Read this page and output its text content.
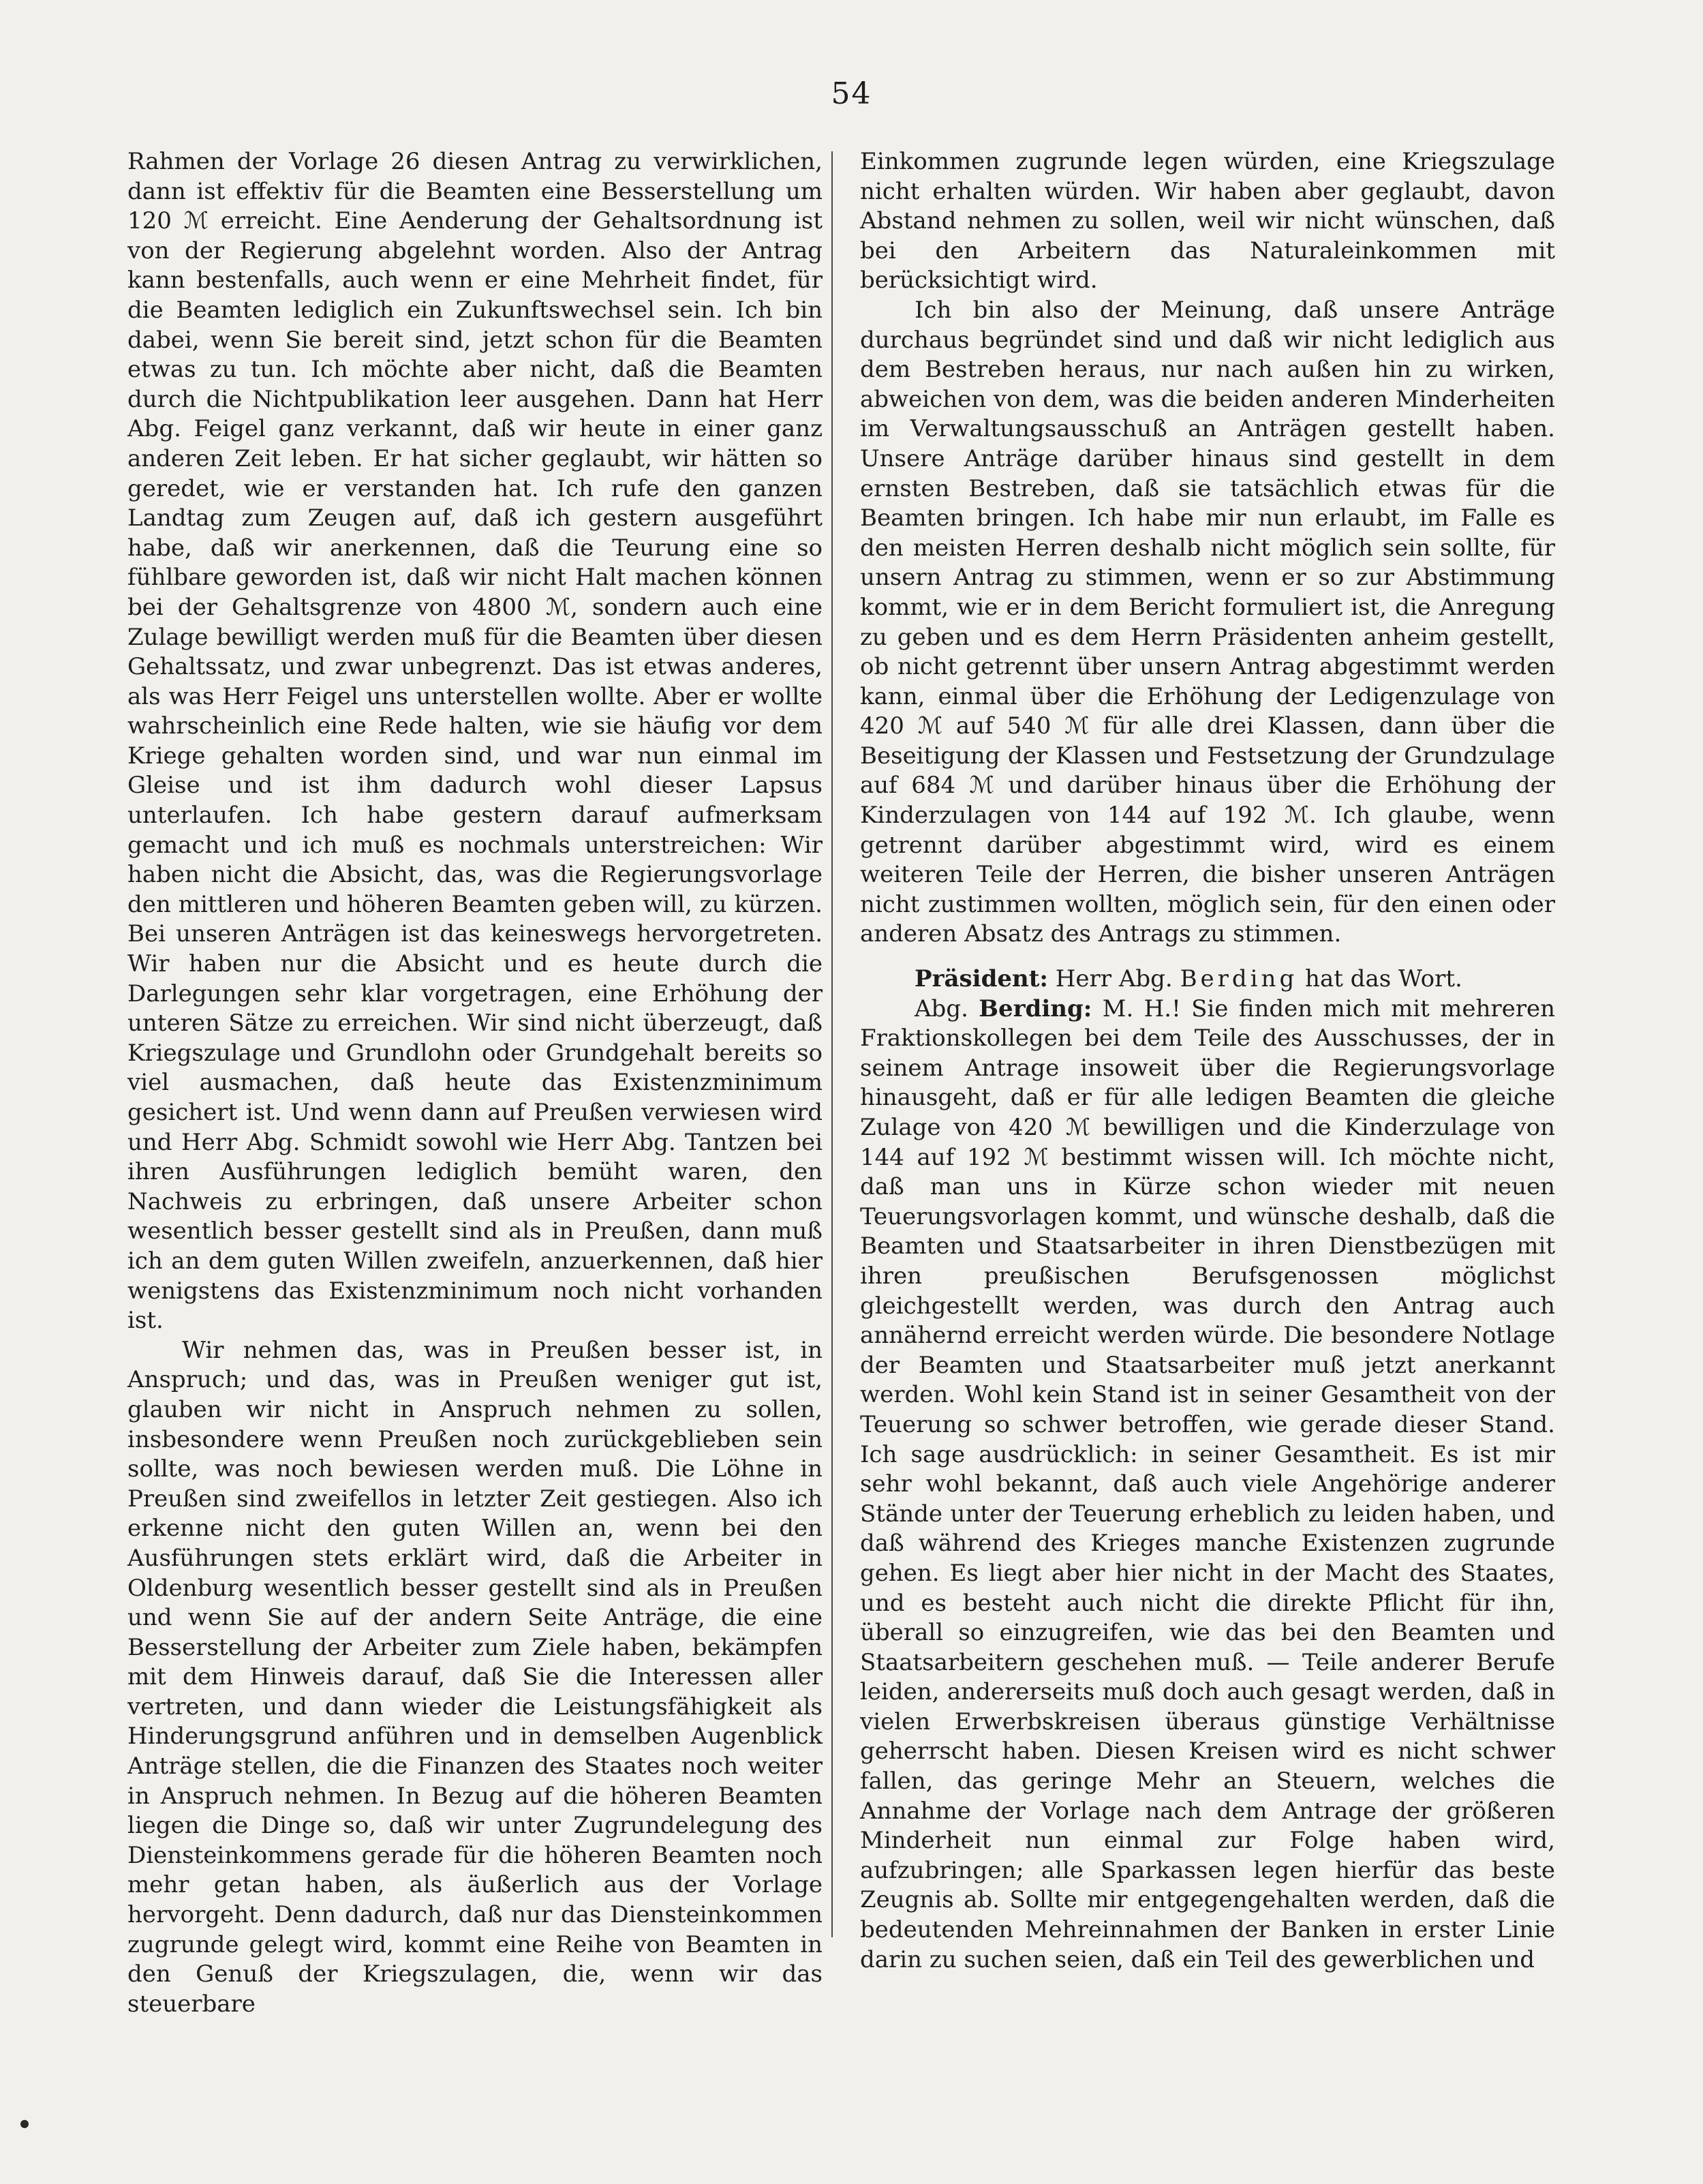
54

Rahmen der Vorlage 26 diesen Antrag zu verwirklichen, dann ist effektiv für die Beamten eine Besserstellung um 120 ℳ erreicht. Eine Aenderung der Gehaltsordnung ist von der Regierung abgelehnt worden. Also der Antrag kann bestenfalls, auch wenn er eine Mehrheit findet, für die Beamten lediglich ein Zukunftswechsel sein. Ich bin dabei, wenn Sie bereit sind, jetzt schon für die Beamten etwas zu tun. Ich möchte aber nicht, daß die Beamten durch die Nichtpublikation leer ausgehen. Dann hat Herr Abg. Feigel ganz verkannt, daß wir heute in einer ganz anderen Zeit leben. Er hat sicher geglaubt, wir hätten so geredet, wie er verstanden hat. Ich rufe den ganzen Landtag zum Zeugen auf, daß ich gestern ausgeführt habe, daß wir anerkennen, daß die Teurung eine so fühlbare geworden ist, daß wir nicht Halt machen können bei der Gehaltsgrenze von 4800 ℳ, sondern auch eine Zulage bewilligt werden muß für die Beamten über diesen Gehaltssatz, und zwar unbegrenzt. Das ist etwas anderes, als was Herr Feigel uns unterstellen wollte. Aber er wollte wahrscheinlich eine Rede halten, wie sie häufig vor dem Kriege gehalten worden sind, und war nun einmal im Gleise und ist ihm dadurch wohl dieser Lapsus unterlaufen. Ich habe gestern darauf aufmerksam gemacht und ich muß es nochmals unterstreichen: Wir haben nicht die Absicht, das, was die Regierungsvorlage den mittleren und höheren Beamten geben will, zu kürzen. Bei unseren Anträgen ist das keineswegs hervorgetreten. Wir haben nur die Absicht und es heute durch die Darlegungen sehr klar vorgetragen, eine Erhöhung der unteren Sätze zu erreichen. Wir sind nicht überzeugt, daß Kriegszulage und Grundlohn oder Grundgehalt bereits so viel ausmachen, daß heute das Existenzminimum gesichert ist. Und wenn dann auf Preußen verwiesen wird und Herr Abg. Schmidt sowohl wie Herr Abg. Tantzen bei ihren Ausführungen lediglich bemüht waren, den Nachweis zu erbringen, daß unsere Arbeiter schon wesentlich besser gestellt sind als in Preußen, dann muß ich an dem guten Willen zweifeln, anzuerkennen, daß hier wenigstens das Existenzminimum noch nicht vorhanden ist.

Wir nehmen das, was in Preußen besser ist, in Anspruch; und das, was in Preußen weniger gut ist, glauben wir nicht in Anspruch nehmen zu sollen, insbesondere wenn Preußen noch zurückgeblieben sein sollte, was noch bewiesen werden muß. Die Löhne in Preußen sind zweifellos in letzter Zeit gestiegen. Also ich erkenne nicht den guten Willen an, wenn bei den Ausführungen stets erklärt wird, daß die Arbeiter in Oldenburg wesentlich besser gestellt sind als in Preußen und wenn Sie auf der andern Seite Anträge, die eine Besserstellung der Arbeiter zum Ziele haben, bekämpfen mit dem Hinweis darauf, daß Sie die Interessen aller vertreten, und dann wieder die Leistungsfähigkeit als Hinderungsgrund anführen und in demselben Augenblick Anträge stellen, die die Finanzen des Staates noch weiter in Anspruch nehmen. In Bezug auf die höheren Beamten liegen die Dinge so, daß wir unter Zugrundelegung des Diensteinkommens gerade für die höheren Beamten noch mehr getan haben, als äußerlich aus der Vorlage hervorgeht. Denn dadurch, daß nur das Diensteinkommen zugrunde gelegt wird, kommt eine Reihe von Beamten in den Genuß der Kriegszulagen, die, wenn wir das steuerbare

Einkommen zugrunde legen würden, eine Kriegszulage nicht erhalten würden. Wir haben aber geglaubt, davon Abstand nehmen zu sollen, weil wir nicht wünschen, daß bei den Arbeitern das Naturaleinkommen mit berücksichtigt wird.

Ich bin also der Meinung, daß unsere Anträge durchaus begründet sind und daß wir nicht lediglich aus dem Bestreben heraus, nur nach außen hin zu wirken, abweichen von dem, was die beiden anderen Minderheiten im Verwaltungsausschuß an Anträgen gestellt haben. Unsere Anträge darüber hinaus sind gestellt in dem ernsten Bestreben, daß sie tatsächlich etwas für die Beamten bringen. Ich habe mir nun erlaubt, im Falle es den meisten Herren deshalb nicht möglich sein sollte, für unsern Antrag zu stimmen, wenn er so zur Abstimmung kommt, wie er in dem Bericht formuliert ist, die Anregung zu geben und es dem Herrn Präsidenten anheim gestellt, ob nicht getrennt über unsern Antrag abgestimmt werden kann, einmal über die Erhöhung der Ledigenzulage von 420 ℳ auf 540 ℳ für alle drei Klassen, dann über die Beseitigung der Klassen und Festsetzung der Grundzulage auf 684 ℳ und darüber hinaus über die Erhöhung der Kinderzulagen von 144 auf 192 ℳ. Ich glaube, wenn getrennt darüber abgestimmt wird, wird es einem weiteren Teile der Herren, die bisher unseren Anträgen nicht zustimmen wollten, möglich sein, für den einen oder anderen Absatz des Antrags zu stimmen.

Präsident: Herr Abg. Berding hat das Wort.

Abg. Berding: M. H.! Sie finden mich mit mehreren Fraktionskollegen bei dem Teile des Ausschusses, der in seinem Antrage insoweit über die Regierungsvorlage hinausgeht, daß er für alle ledigen Beamten die gleiche Zulage von 420 ℳ bewilligen und die Kinderzulage von 144 auf 192 ℳ bestimmt wissen will. Ich möchte nicht, daß man uns in Kürze schon wieder mit neuen Teuerungsvorlagen kommt, und wünsche deshalb, daß die Beamten und Staatsarbeiter in ihren Dienstbezügen mit ihren preußischen Berufsgenossen möglichst gleichgestellt werden, was durch den Antrag auch annähernd erreicht werden würde. Die besondere Notlage der Beamten und Staatsarbeiter muß jetzt anerkannt werden. Wohl kein Stand ist in seiner Gesamtheit von der Teuerung so schwer betroffen, wie gerade dieser Stand. Ich sage ausdrücklich: in seiner Gesamtheit. Es ist mir sehr wohl bekannt, daß auch viele Angehörige anderer Stände unter der Teuerung erheblich zu leiden haben, und daß während des Krieges manche Existenzen zugrunde gehen. Es liegt aber hier nicht in der Macht des Staates, und es besteht auch nicht die direkte Pflicht für ihn, überall so einzugreifen, wie das bei den Beamten und Staatsarbeitern geschehen muß. — Teile anderer Berufe leiden, andererseits muß doch auch gesagt werden, daß in vielen Erwerbskreisen überaus günstige Verhältnisse geherrscht haben. Diesen Kreisen wird es nicht schwer fallen, das geringe Mehr an Steuern, welches die Annahme der Vorlage nach dem Antrage der größeren Minderheit nun einmal zur Folge haben wird, aufzubringen; alle Sparkassen legen hierfür das beste Zeugnis ab. Sollte mir entgegengehalten werden, daß die bedeutenden Mehreinnahmen der Banken in erster Linie darin zu suchen seien, daß ein Teil des gewerblichen und
